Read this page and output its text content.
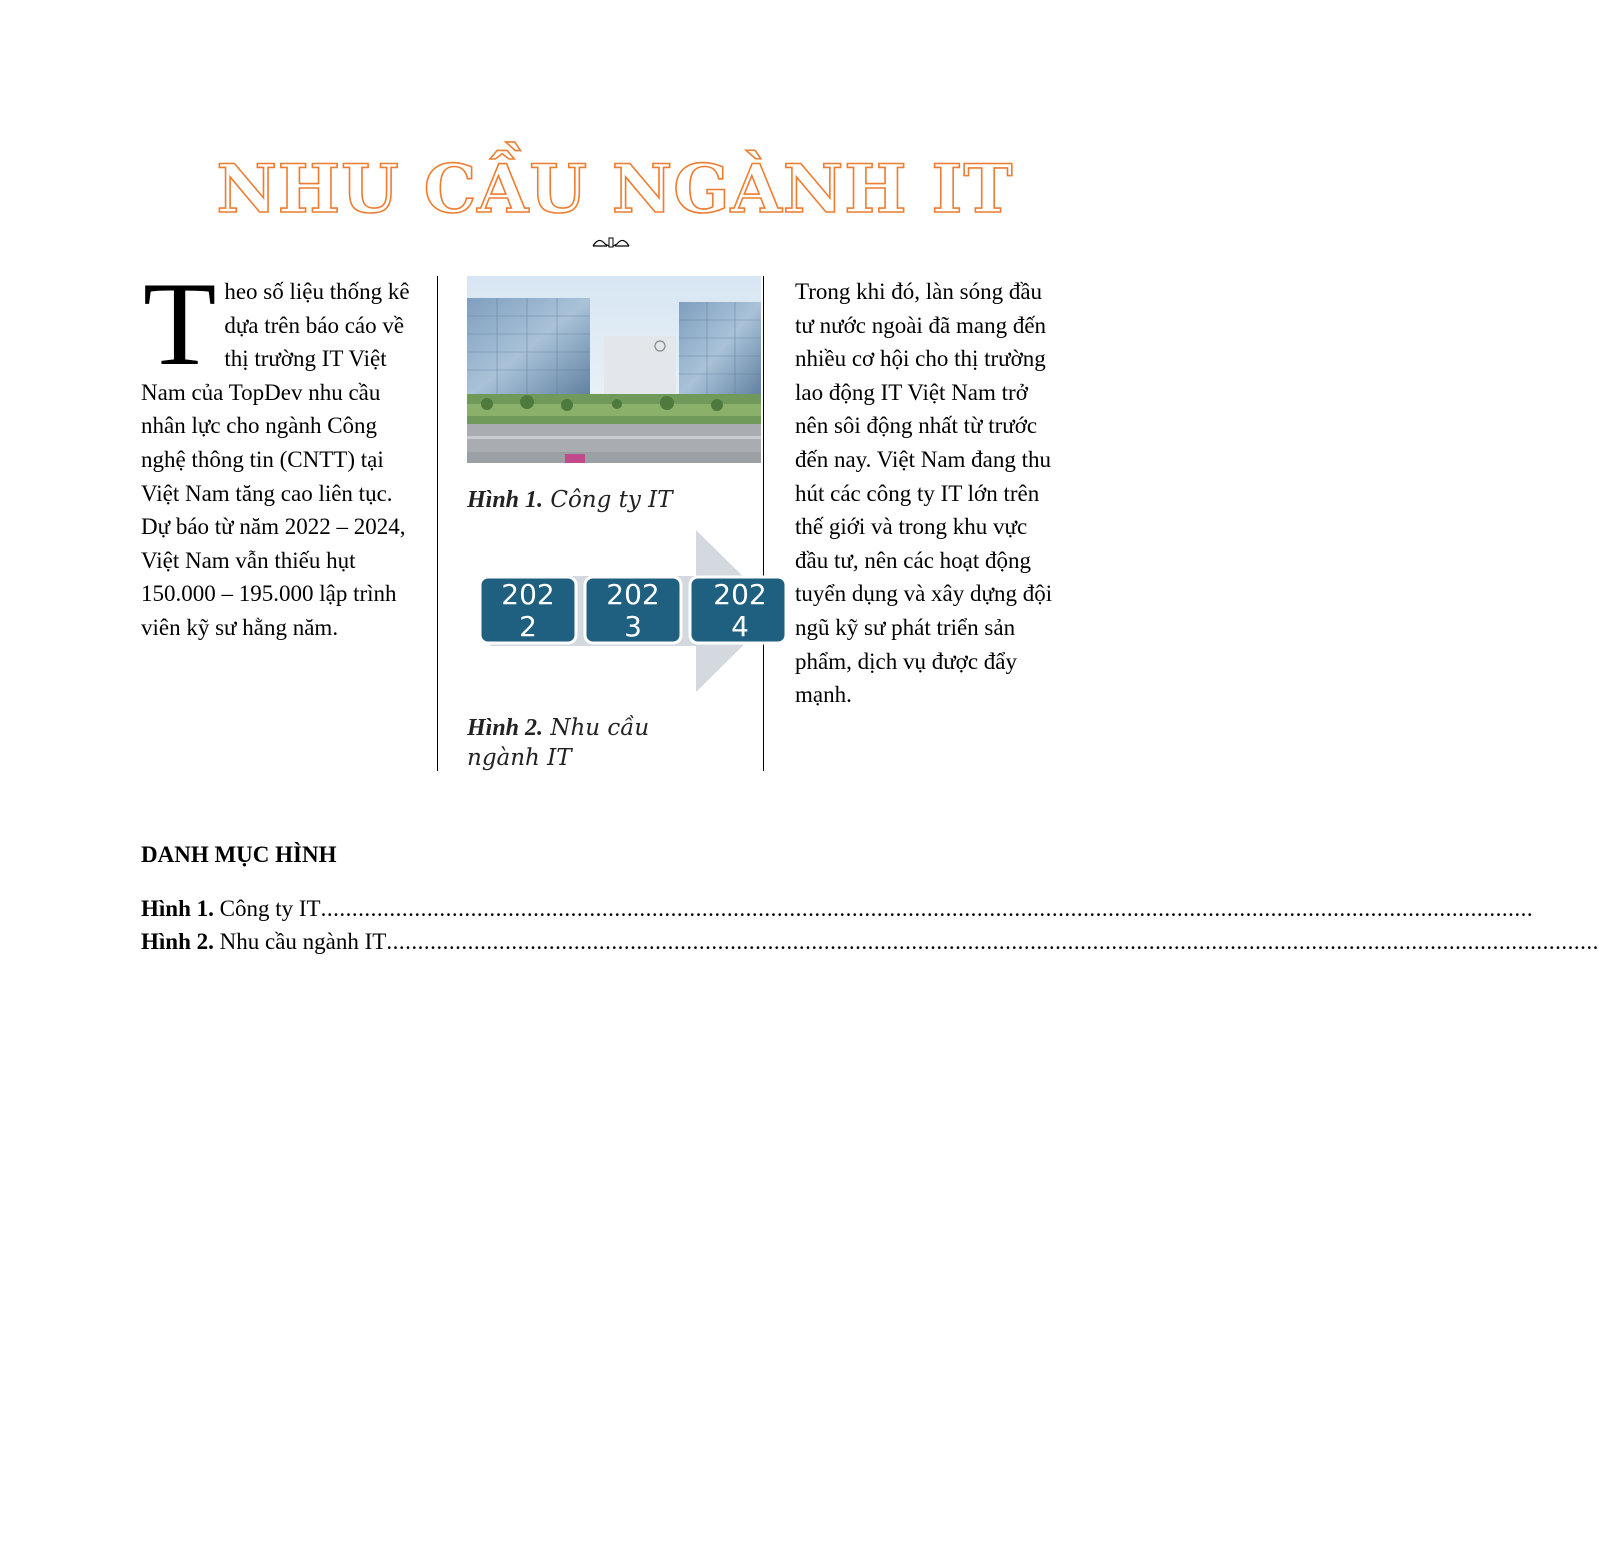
NHU CẦU NGÀNH IT
Theo số liệu thống kê dựa trên báo cáo về thị trường IT Việt Nam của TopDev nhu cầu nhân lực cho ngành Công nghệ thông tin (CNTT) tại Việt Nam tăng cao liên tục. Dự báo từ năm 2022 – 2024, Việt Nam vẫn thiếu hụt 150.000 – 195.000 lập trình viên kỹ sư hằng năm.
Hình 1. Công ty IT
202
2
202
3
202
4
Hình 2. Nhu cầu ngành IT
Trong khi đó, làn sóng đầu tư nước ngoài đã mang đến nhiều cơ hội cho thị trường lao động IT Việt Nam trở nên sôi động nhất từ trước đến nay. Việt Nam đang thu hút các công ty IT lớn trên thế giới và trong khu vực đầu tư, nên các hoạt động tuyển dụng và xây dựng đội ngũ kỹ sư phát triển sản phẩm, dịch vụ được đẩy mạnh.
DANH MỤC HÌNH
Hình 1. Công ty IT ..................................................................................................................................................................................................
Hình 2. Nhu cầu ngành IT ..................................................................................................................................................................................................
